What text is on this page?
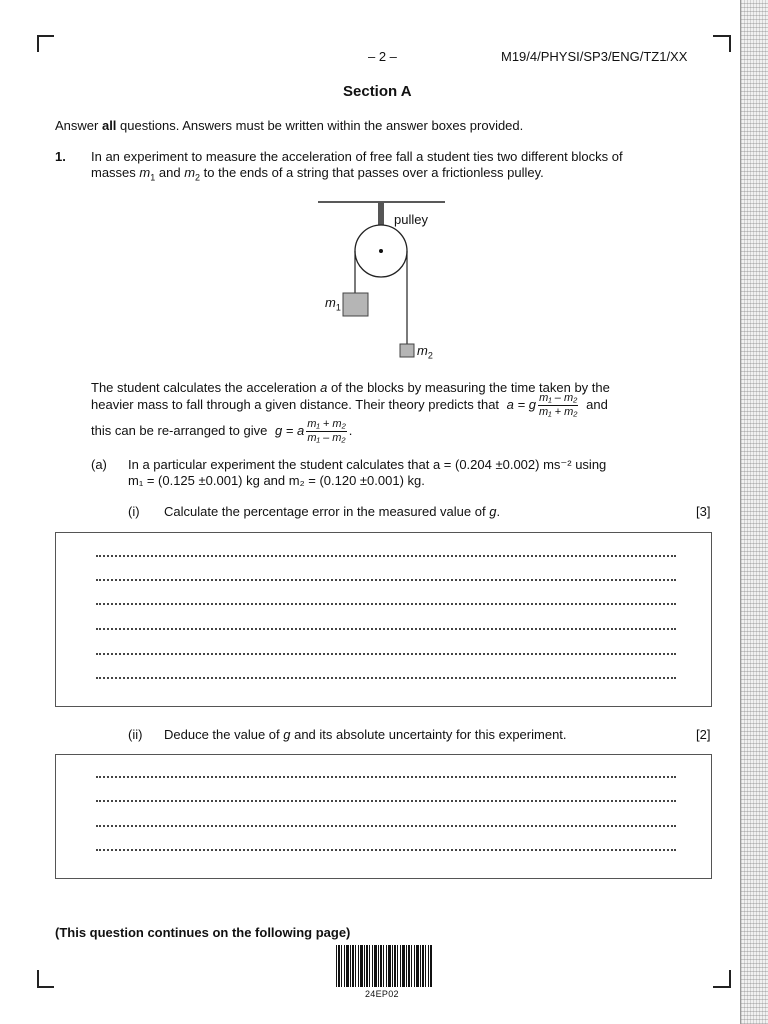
– 2 –	M19/4/PHYSI/SP3/ENG/TZ1/XX
Section A
Answer all questions. Answers must be written within the answer boxes provided.
1. In an experiment to measure the acceleration of free fall a student ties two different blocks of
masses $m_1$ and $m_2$ to the ends of a string that passes over a frictionless pulley.
pulley
$m_1$
$m_2$
The student calculates the acceleration a of the blocks by measuring the time taken by the
heavier mass to fall through a given distance. Their theory predicts that a = g $\frac{\text{m₁ – m₂}}{\text{m₁ + m₂}}$ and
this can be re-arranged to give g = a $\frac{\text{m₁ + m₂}}{\text{m₁ – m₂}}$ .
(a) In a particular experiment the student calculates that a = (0.204 ±0.002) ms⁻² using
m₁ = (0.125 ±0.001) kg and m₂ = (0.120 ±0.001) kg.
(i) Calculate the percentage error in the measured value of g.	[3]
(ii) Deduce the value of g and its absolute uncertainty for this experiment.	[2]
(This question continues on the following page)
24EP02
